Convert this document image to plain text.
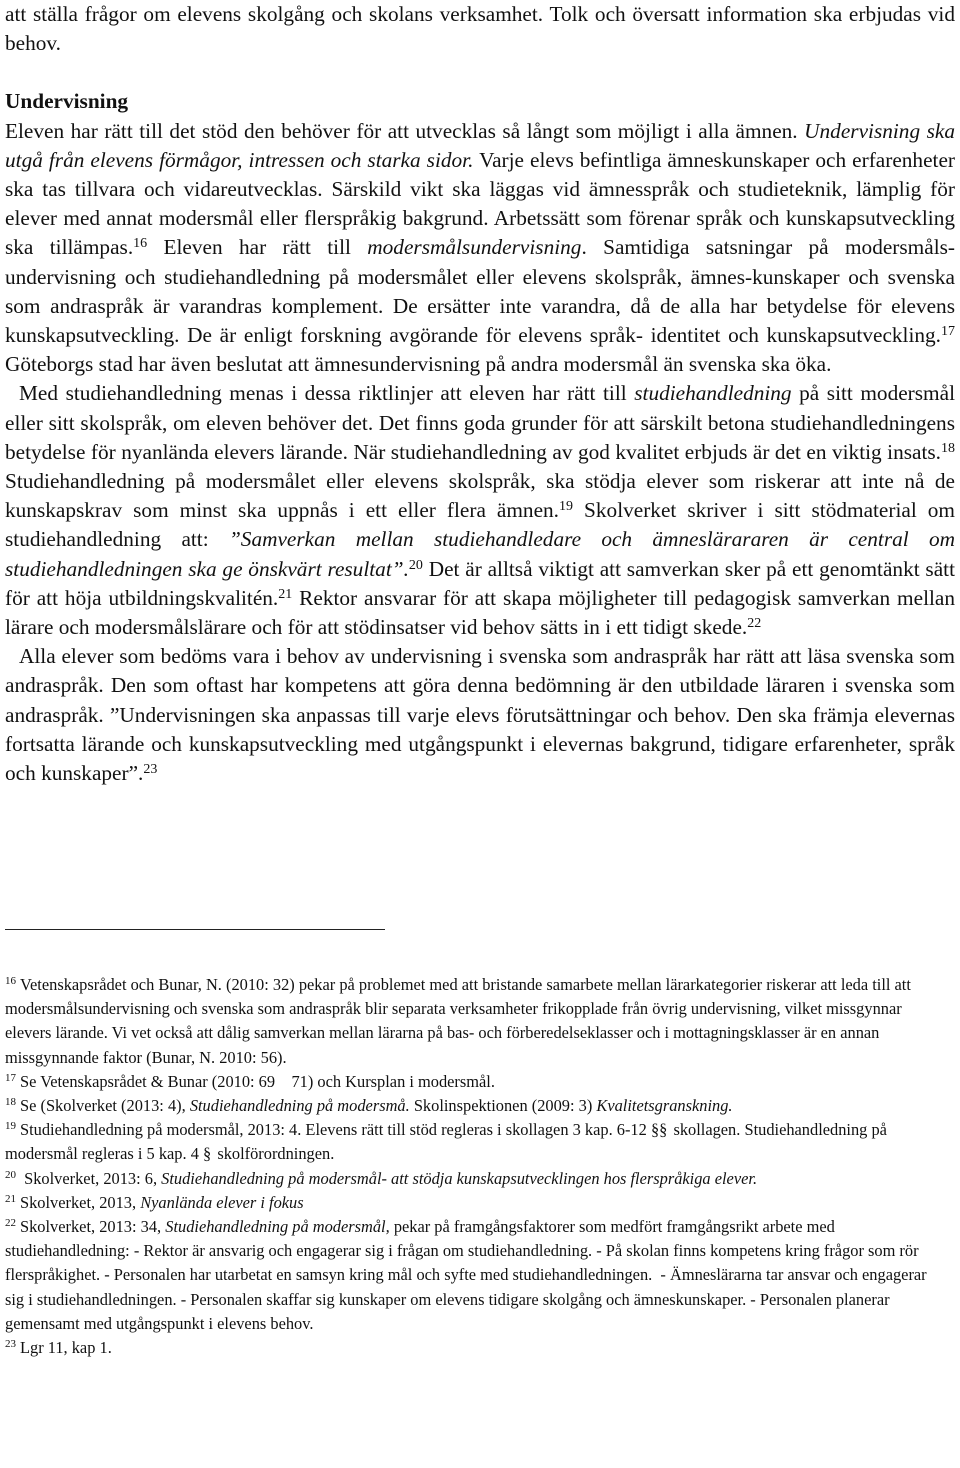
att ställa frågor om elevens skolgång och skolans verksamhet. Tolk och översatt information ska erbjudas vid behov.

Undervisning

Eleven har rätt till det stöd den behöver för att utvecklas så långt som möjligt i alla ämnen. Undervisning ska utgå från elevens förmågor, intressen och starka sidor. Varje elevs befintliga ämneskunskaper och erfarenheter ska tas tillvara och vidareutvecklas. Särskild vikt ska läggas vid ämnesspråk och studieteknik, lämplig för elever med annat modersmål eller flerspråkig bakgrund. Arbetssätt som förenar språk och kunskapsutveckling ska tillämpas.$^{16}$ Eleven har rätt till modersmålsundervisning. Samtidiga satsningar på modersmåls-undervisning och studiehandledning på modersmålet eller elevens skolspråk, ämnes-kunskaper och svenska som andraspråk är varandras komplement. De ersätter inte varandra, då de alla har betydelse för elevens kunskapsutveckling. De är enligt forskning avgörande för elevens språk- identitet och kunskapsutveckling.$^{17}$ Göteborgs stad har även beslutat att ämnesundervisning på andra modersmål än svenska ska öka.

Med studiehandledning menas i dessa riktlinjer att eleven har rätt till studiehandledning på sitt modersmål eller sitt skolspråk, om eleven behöver det. Det finns goda grunder för att särskilt betona studiehandledningens betydelse för nyanlända elevers lärande. När studiehandledning av god kvalitet erbjuds är det en viktig insats.$^{18}$ Studiehandledning på modersmålet eller elevens skolspråk, ska stödja elever som riskerar att inte nå de kunskapskrav som minst ska uppnås i ett eller flera ämnen.$^{19}$ Skolverket skriver i sitt stödmaterial om studiehandledning att: ”Samverkan mellan studiehandledare och ämneslärararen är central om studiehandledningen ska ge önskvärt resultat”.$^{20}$ Det är alltså viktigt att samverkan sker på ett genomtänkt sätt för att höja utbildningskvalitén.$^{21}$ Rektor ansvarar för att skapa möjligheter till pedagogisk samverkan mellan lärare och modersmålslärare och för att stödinsatser vid behov sätts in i ett tidigt skede.$^{22}$

Alla elever som bedöms vara i behov av undervisning i svenska som andraspråk har rätt att läsa svenska som andraspråk. Den som oftast har kompetens att göra denna bedömning är den utbildade läraren i svenska som andraspråk. ”Undervisningen ska anpassas till varje elevs förutsättningar och behov. Den ska främja elevernas fortsatta lärande och kunskapsutveckling med utgångspunkt i elevernas bakgrund, tidigare erfarenheter, språk och kunskaper”.$^{23}$

$^{16}$ Vetenskapsrådet och Bunar, N. (2010: 32) pekar på problemet med att bristande samarbete mellan lärarkategorier riskerar att leda till att modersmålsundervisning och svenska som andraspråk blir separata verksamheter frikopplade från övrig undervisning, vilket missgynnar elevers lärande. Vi vet också att dålig samverkan mellan lärarna på bas- och förberedelseklasser och i mottagningsklasser är en annan missgynnande faktor (Bunar, N. 2010: 56).

$^{17}$ Se Vetenskapsrådet & Bunar (2010: 69   71) och Kursplan i modersmål.

$^{18}$ Se (Skolverket (2013: 4), Studiehandledning på modersmå. Skolinspektionen (2009: 3) Kvalitetsgranskning.

$^{19}$ Studiehandledning på modersmål, 2013: 4. Elevens rätt till stöd regleras i skollagen 3 kap. 6-12 §§ skollagen. Studiehandledning på modersmål regleras i 5 kap. 4 § skolförordningen.

$^{20}$ Skolverket, 2013: 6, Studiehandledning på modersmål- att stödja kunskapsutvecklingen hos flerspråkiga elever.

$^{21}$ Skolverket, 2013, Nyanlända elever i fokus

$^{22}$ Skolverket, 2013: 34, Studiehandledning på modersmål, pekar på framgångsfaktorer som medfört framgångsrikt arbete med studiehandledning: - Rektor är ansvarig och engagerar sig i frågan om studiehandledning. - På skolan finns kompetens kring frågor som rör flerspråkighet. - Personalen har utarbetat en samsyn kring mål och syfte med studiehandledningen.  - Ämneslärarna tar ansvar och engagerar sig i studiehandledningen. - Personalen skaffar sig kunskaper om elevens tidigare skolgång och ämneskunskaper. - Personalen planerar gemensamt med utgångspunkt i elevens behov.

$^{23}$ Lgr 11, kap 1.
